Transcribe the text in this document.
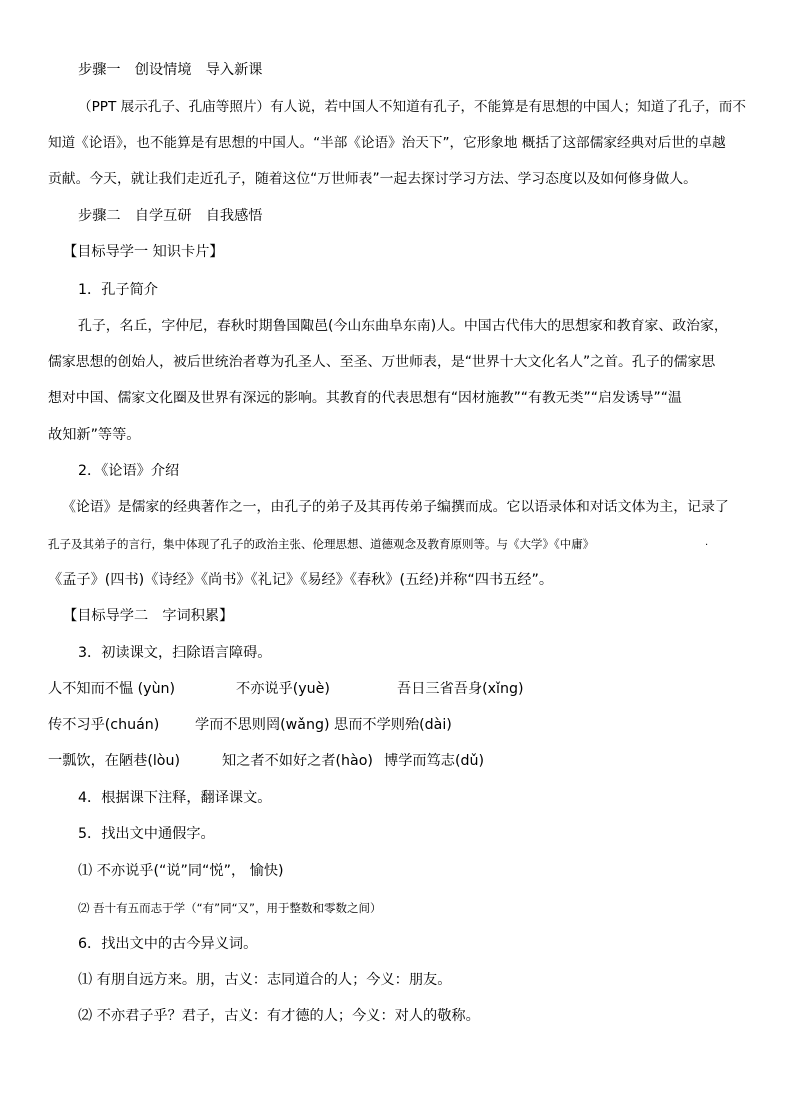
步骤一　创设情境　导入新课
（PPT 展示孔子、孔庙等照片）有人说，若中国人不知道有孔子，不能算是有思想的中国人；知道了孔子，而不
知道《论语》，也不能算是有思想的中国人。“半部《论语》治天下”，它形象地 概括了这部儒家经典对后世的卓越
贡献。今天，就让我们走近孔子，随着这位“万世师表”一起去探讨学习方法、学习态度以及如何修身做人。
步骤二　自学互研　自我感悟
【目标导学一 知识卡片】
1．孔子简介
孔子，名丘，字仲尼，春秋时期鲁国陬邑(今山东曲阜东南)人。中国古代伟大的思想家和教育家、政治家，
儒家思想的创始人，被后世统治者尊为孔圣人、至圣、万世师表，是“世界十大文化名人”之首。孔子的儒家思
想对中国、儒家文化圈及世界有深远的影响。其教育的代表思想有“因材施教”“有教无类”“启发诱导”“温
故知新”等等。
2．《论语》介绍
《论语》是儒家的经典著作之一，由孔子的弟子及其再传弟子编撰而成。它以语录体和对话文体为主，记录了
孔子及其弟子的言行，集中体现了孔子的政治主张、伦理思想、道德观念及教育原则等。与《大学》《中庸》	.
《孟子》(四书)《诗经》《尚书》《礼记》《易经》《春秋》(五经)并称“四书五经”。
【目标导学二　字词积累】
3．初读课文，扫除语言障碍。
人不知而不愠 (yùn)	不亦说乎(yuè)	吾日三省吾身(xǐng)
传不习乎(chuán)	学而不思则罔(wǎng) 思而不学则殆(dài)
一瓢饮，在陋巷(lòu)	知之者不如好之者(hào) 博学而笃志(dǔ)
4．根据课下注释，翻译课文。
5．找出文中通假字。
⑴ 不亦说乎(“说”同“悦”， 愉快)
⑵ 吾十有五而志于学（“有”同“又”，用于整数和零数之间）
6．找出文中的古今异义词。
⑴ 有朋自远方来。朋，古义：志同道合的人；今义：朋友。
⑵ 不亦君子乎？君子，古义：有才德的人；今义：对人的敬称。
